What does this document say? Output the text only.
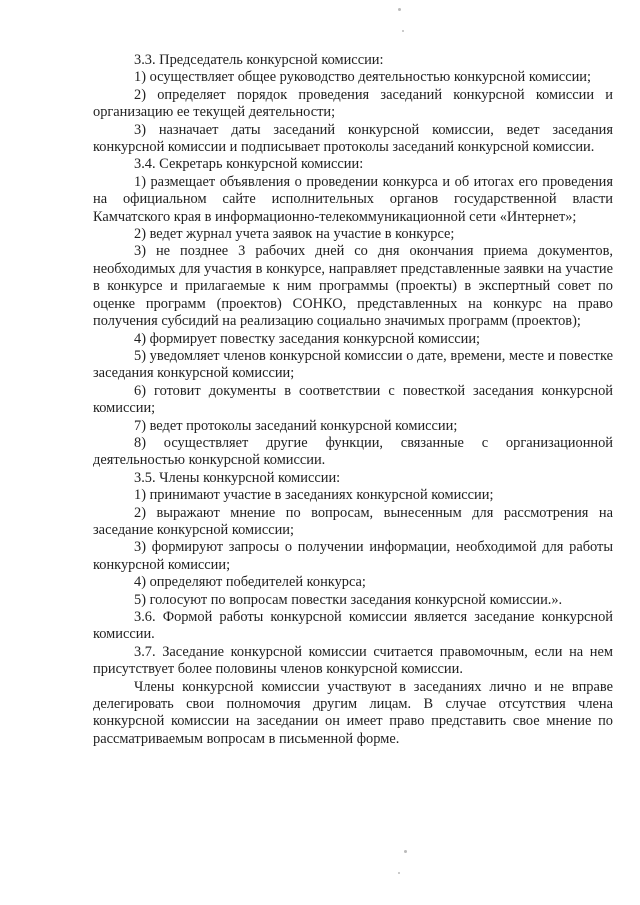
3.3. Председатель конкурсной комиссии:

1) осуществляет общее руководство деятельностью конкурсной комиссии;

2) определяет порядок проведения заседаний конкурсной комиссии и организацию ее текущей деятельности;

3) назначает даты заседаний конкурсной комиссии, ведет заседания конкурсной комиссии и подписывает протоколы заседаний конкурсной комиссии.

3.4. Секретарь конкурсной комиссии:

1) размещает объявления о проведении конкурса и об итогах его проведения на официальном сайте исполнительных органов государственной власти Камчатского края в информационно-телекоммуникационной сети «Интернет»;

2) ведет журнал учета заявок на участие в конкурсе;

3) не позднее 3 рабочих дней со дня окончания приема документов, необходимых для участия в конкурсе, направляет представленные заявки на участие в конкурсе и прилагаемые к ним программы (проекты) в экспертный совет по оценке программ (проектов) СОНКО, представленных на конкурс на право получения субсидий на реализацию социально значимых программ (проектов);

4) формирует повестку заседания конкурсной комиссии;

5) уведомляет членов конкурсной комиссии о дате, времени, месте и повестке заседания конкурсной комиссии;

6) готовит документы в соответствии с повесткой заседания конкурсной комиссии;

7) ведет протоколы заседаний конкурсной комиссии;

8) осуществляет другие функции, связанные с организационной деятельностью конкурсной комиссии.

3.5. Члены конкурсной комиссии:

1) принимают участие в заседаниях конкурсной комиссии;

2) выражают мнение по вопросам, вынесенным для рассмотрения на заседание конкурсной комиссии;

3) формируют запросы о получении информации, необходимой для работы конкурсной комиссии;

4) определяют победителей конкурса;

5) голосуют по вопросам повестки заседания конкурсной комиссии.».

3.6. Формой работы конкурсной комиссии является заседание конкурсной комиссии.

3.7. Заседание конкурсной комиссии считается правомочным, если на нем присутствует более половины членов конкурсной комиссии.

Члены конкурсной комиссии участвуют в заседаниях лично и не вправе делегировать свои полномочия другим лицам. В случае отсутствия члена конкурсной комиссии на заседании он имеет право представить свое мнение по рассматриваемым вопросам в письменной форме.
